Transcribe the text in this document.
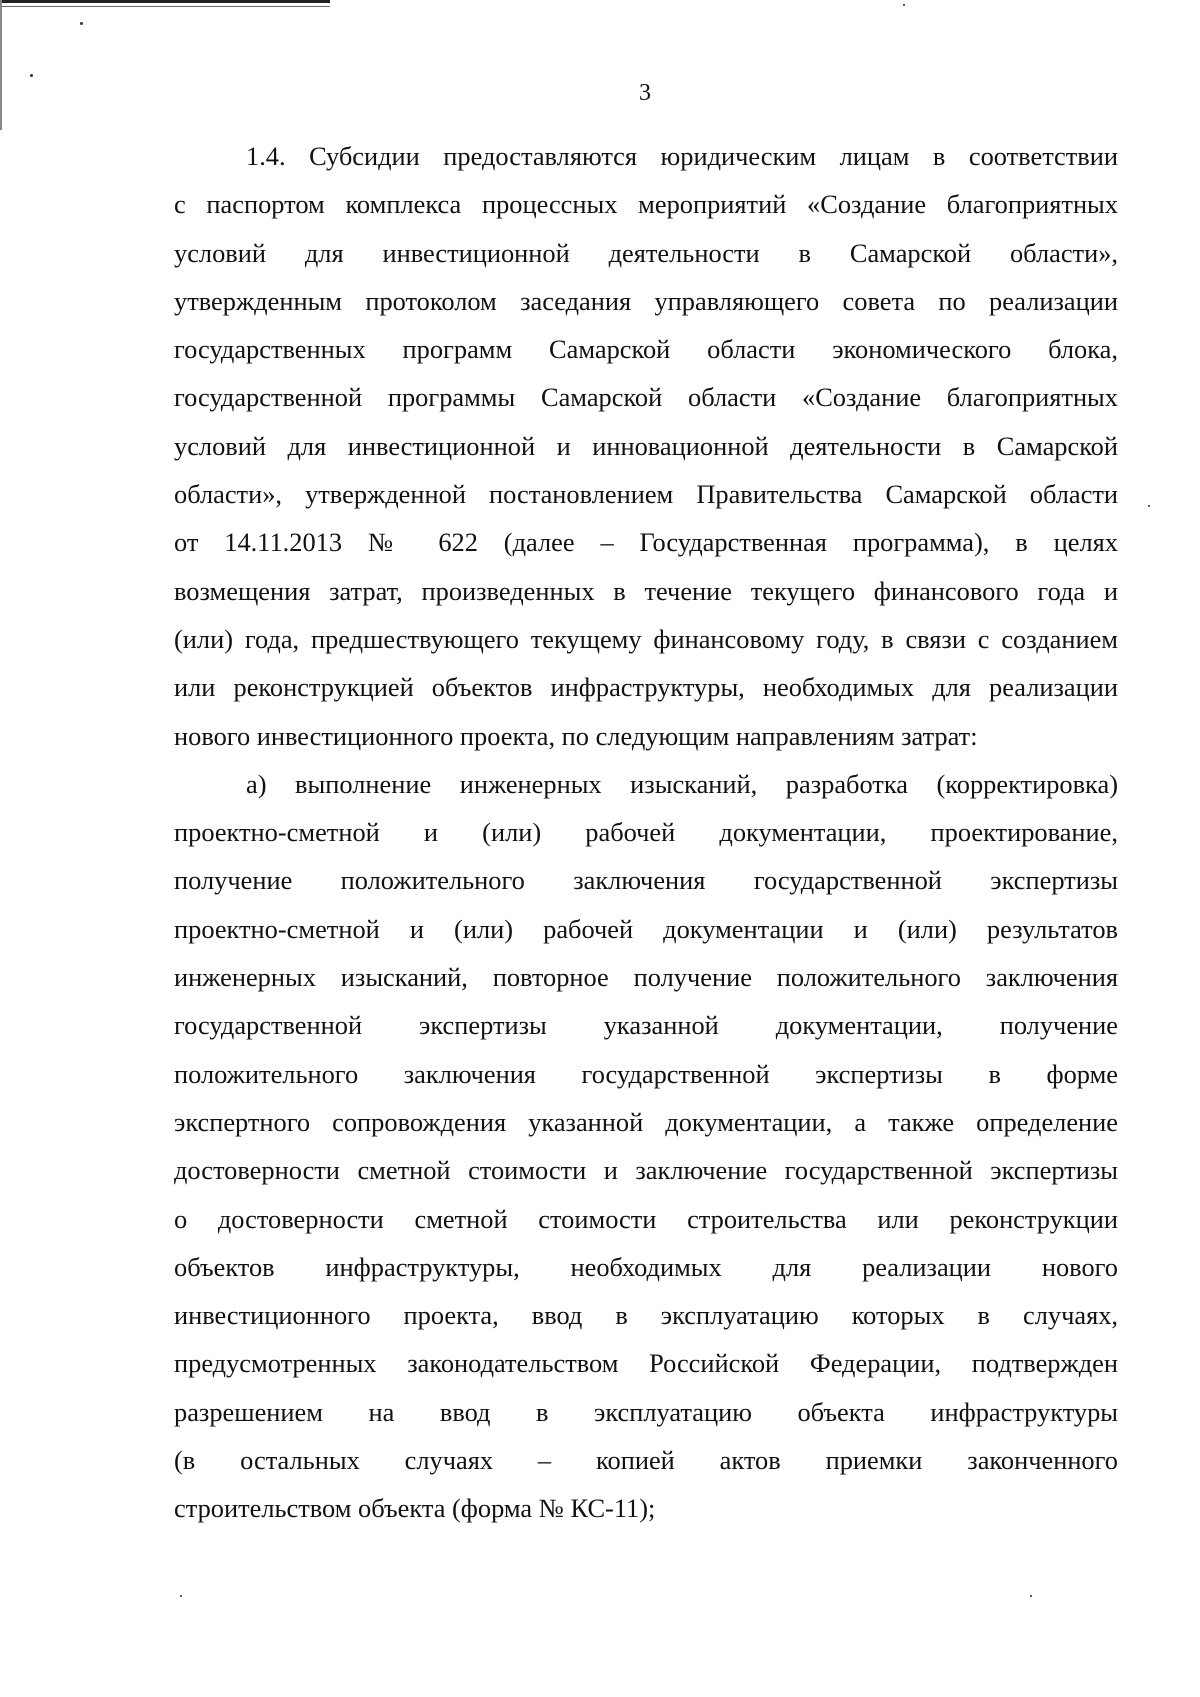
3
1.4. Субсидии предоставляются юридическим лицам в соответствии
с паспортом комплекса процессных мероприятий «Создание благоприятных
условий для инвестиционной деятельности в Самарской области»,
утвержденным протоколом заседания управляющего совета по реализации
государственных программ Самарской области экономического блока,
государственной программы Самарской области «Создание благоприятных
условий для инвестиционной и инновационной деятельности в Самарской
области», утвержденной постановлением Правительства Самарской области
от 14.11.2013 № 622 (далее – Государственная программа), в целях
возмещения затрат, произведенных в течение текущего финансового года и
(или) года, предшествующего текущему финансовому году, в связи с созданием
или реконструкцией объектов инфраструктуры, необходимых для реализации
нового инвестиционного проекта, по следующим направлениям затрат:
а) выполнение инженерных изысканий, разработка (корректировка)
проектно-сметной и (или) рабочей документации, проектирование,
получение положительного заключения государственной экспертизы
проектно-сметной и (или) рабочей документации и (или) результатов
инженерных изысканий, повторное получение положительного заключения
государственной экспертизы указанной документации, получение
положительного заключения государственной экспертизы в форме
экспертного сопровождения указанной документации, а также определение
достоверности сметной стоимости и заключение государственной экспертизы
о достоверности сметной стоимости строительства или реконструкции
объектов инфраструктуры, необходимых для реализации нового
инвестиционного проекта, ввод в эксплуатацию которых в случаях,
предусмотренных законодательством Российской Федерации, подтвержден
разрешением на ввод в эксплуатацию объекта инфраструктуры
(в остальных случаях – копией актов приемки законченного
строительством объекта (форма № КС-11);
